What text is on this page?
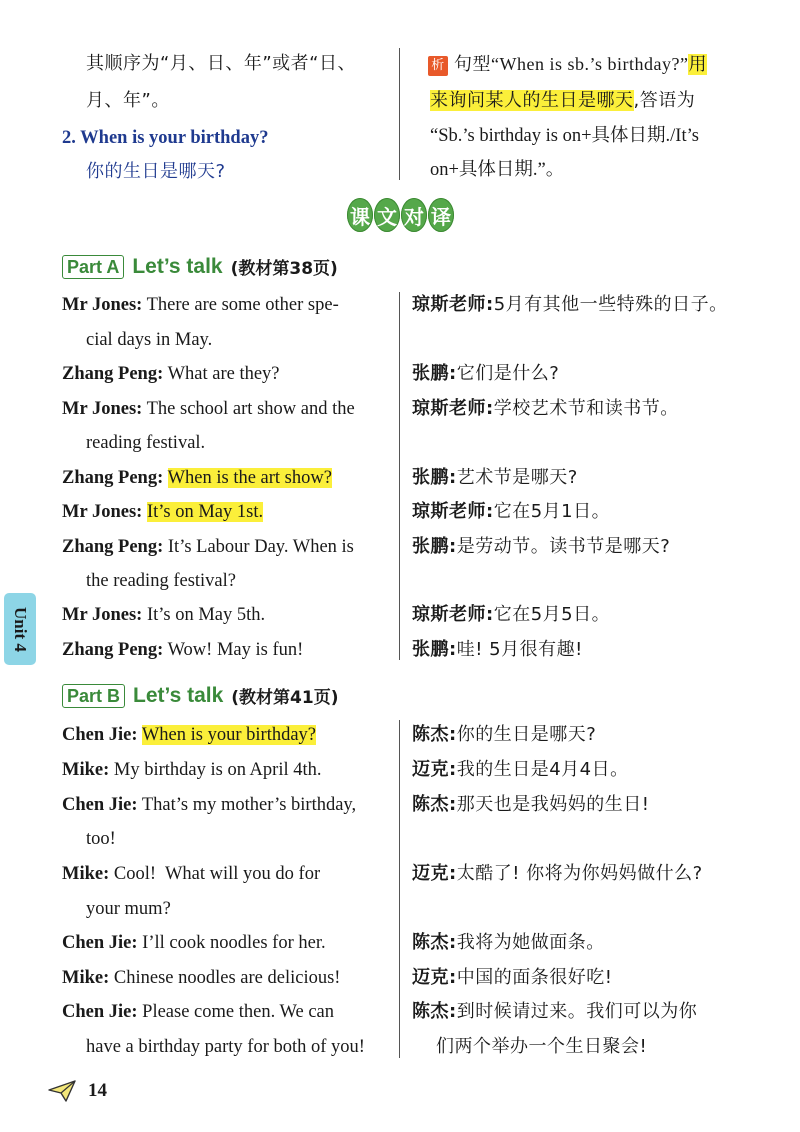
其顺序为“月、日、年”或者“日、
月、年”。
2. When is your birthday?
你的生日是哪天?
析 句型“When is sb.’s birthday?”用
来询问某人的生日是哪天,答语为
“Sb.’s birthday is on+具体日期./It’s
on+具体日期.”。
课 文 对 译
Part A Let’s talk (教材第38页)
Mr Jones: There are some other spe-
cial days in May.
Zhang Peng: What are they?
Mr Jones: The school art show and the
reading festival.
Zhang Peng: When is the art show?
Mr Jones: It’s on May 1st.
Zhang Peng: It’s Labour Day. When is
the reading festival?
Mr Jones: It’s on May 5th.
Zhang Peng: Wow! May is fun!
琼斯老师:5月有其他一些特殊的日子。
张鹏:它们是什么?
琼斯老师:学校艺术节和读书节。
张鹏:艺术节是哪天?
琼斯老师:它在5月1日。
张鹏:是劳动节。读书节是哪天?
琼斯老师:它在5月5日。
张鹏:哇! 5月很有趣!
Part B Let’s talk (教材第41页)
Chen Jie: When is your birthday?
Mike: My birthday is on April 4th.
Chen Jie: That’s my mother’s birthday,
too!
Mike: Cool!  What will you do for
your mum?
Chen Jie: I’ll cook noodles for her.
Mike: Chinese noodles are delicious!
Chen Jie: Please come then. We can
have a birthday party for both of you!
陈杰:你的生日是哪天?
迈克:我的生日是4月4日。
陈杰:那天也是我妈妈的生日!
迈克:太酷了! 你将为你妈妈做什么?
陈杰:我将为她做面条。
迈克:中国的面条很好吃!
陈杰:到时候请过来。我们可以为你
们两个举办一个生日聚会!
Unit 4
14
